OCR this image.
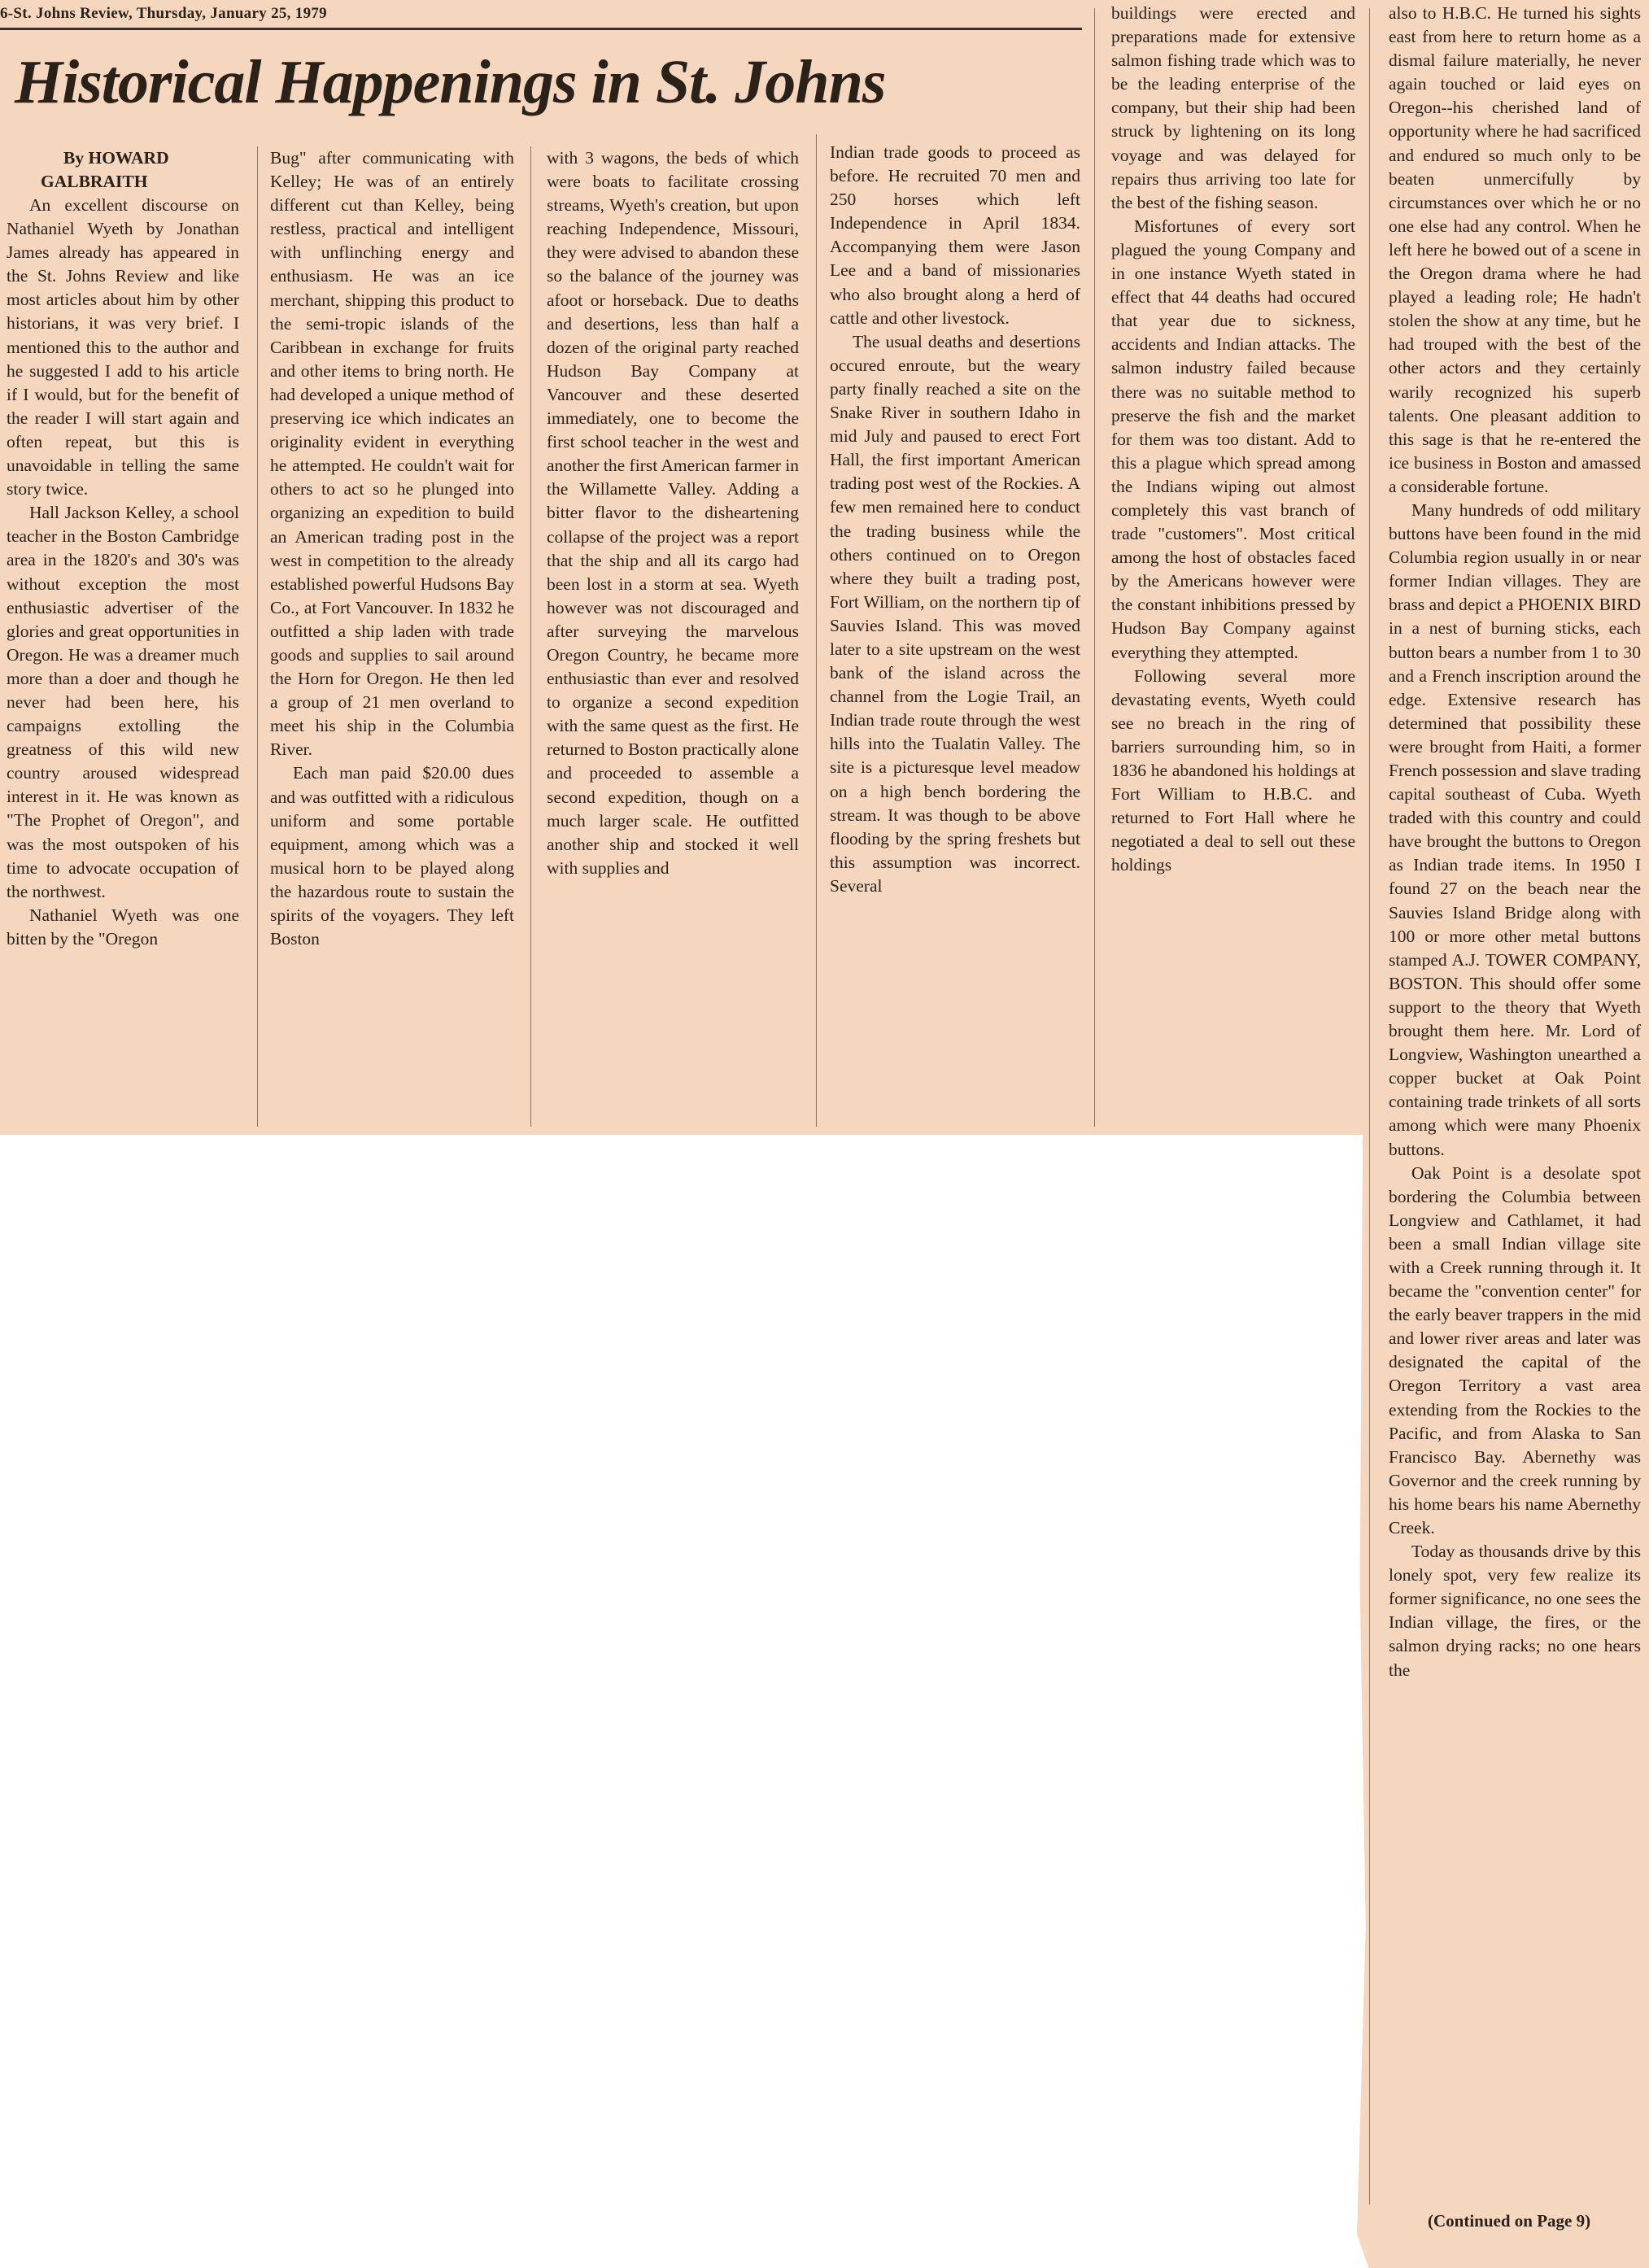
6-St. Johns Review, Thursday, January 25, 1979
Historical Happenings in St. Johns

By HOWARD
GALBRAITH

An excellent discourse on Nathaniel Wyeth by Jonathan James already has appeared in the St. Johns Review and like most articles about him by other historians, it was very brief. I mentioned this to the author and he suggested I add to his article if I would, but for the benefit of the reader I will start again and often repeat, but this is unavoidable in telling the same story twice.

Hall Jackson Kelley, a school teacher in the Boston Cambridge area in the 1820's and 30's was without exception the most enthusiastic advertiser of the glories and great opportunities in Oregon. He was a dreamer much more than a doer and though he never had been here, his campaigns extolling the greatness of this wild new country aroused widespread interest in it. He was known as "The Prophet of Oregon", and was the most outspoken of his time to advocate occupation of the northwest.

Nathaniel Wyeth was one bitten by the "Oregon

Bug" after communicating with Kelley; He was of an entirely different cut than Kelley, being restless, practical and intelligent with unflinching energy and enthusiasm. He was an ice merchant, shipping this product to the semi-tropic islands of the Caribbean in exchange for fruits and other items to bring north. He had developed a unique method of preserving ice which indicates an originality evident in everything he attempted. He couldn't wait for others to act so he plunged into organizing an expedition to build an American trading post in the west in competition to the already established powerful Hudsons Bay Co., at Fort Vancouver. In 1832 he outfitted a ship laden with trade goods and supplies to sail around the Horn for Oregon. He then led a group of 21 men overland to meet his ship in the Columbia River.

Each man paid $20.00 dues and was outfitted with a ridiculous uniform and some portable equipment, among which was a musical horn to be played along the hazardous route to sustain the spirits of the voyagers. They left Boston

with 3 wagons, the beds of which were boats to facilitate crossing streams, Wyeth's creation, but upon reaching Independence, Missouri, they were advised to abandon these so the balance of the journey was afoot or horseback. Due to deaths and desertions, less than half a dozen of the original party reached Hudson Bay Company at Vancouver and these deserted immediately, one to become the first school teacher in the west and another the first American farmer in the Willamette Valley. Adding a bitter flavor to the disheartening collapse of the project was a report that the ship and all its cargo had been lost in a storm at sea. Wyeth however was not discouraged and after surveying the marvelous Oregon Country, he became more enthusiastic than ever and resolved to organize a second expedition with the same quest as the first. He returned to Boston practically alone and proceeded to assemble a second expedition, though on a much larger scale. He outfitted another ship and stocked it well with supplies and

Indian trade goods to proceed as before. He recruited 70 men and 250 horses which left Independence in April 1834. Accompanying them were Jason Lee and a band of missionaries who also brought along a herd of cattle and other livestock.

The usual deaths and desertions occured enroute, but the weary party finally reached a site on the Snake River in southern Idaho in mid July and paused to erect Fort Hall, the first important American trading post west of the Rockies. A few men remained here to conduct the trading business while the others continued on to Oregon where they built a trading post, Fort William, on the northern tip of Sauvies Island. This was moved later to a site upstream on the west bank of the island across the channel from the Logie Trail, an Indian trade route through the west hills into the Tualatin Valley. The site is a picturesque level meadow on a high bench bordering the stream. It was though to be above flooding by the spring freshets but this assumption was incorrect. Several

buildings were erected and preparations made for extensive salmon fishing trade which was to be the leading enterprise of the company, but their ship had been struck by lightening on its long voyage and was delayed for repairs thus arriving too late for the best of the fishing season.

Misfortunes of every sort plagued the young Company and in one instance Wyeth stated in effect that 44 deaths had occured that year due to sickness, accidents and Indian attacks. The salmon industry failed because there was no suitable method to preserve the fish and the market for them was too distant. Add to this a plague which spread among the Indians wiping out almost completely this vast branch of trade "customers". Most critical among the host of obstacles faced by the Americans however were the constant inhibitions pressed by Hudson Bay Company against everything they attempted.

Following several more devastating events, Wyeth could see no breach in the ring of barriers surrounding him, so in 1836 he abandoned his holdings at Fort William to H.B.C. and returned to Fort Hall where he negotiated a deal to sell out these holdings

also to H.B.C. He turned his sights east from here to return home as a dismal failure materially, he never again touched or laid eyes on Oregon--his cherished land of opportunity where he had sacrificed and endured so much only to be beaten unmercifully by circumstances over which he or no one else had any control. When he left here he bowed out of a scene in the Oregon drama where he had played a leading role; He hadn't stolen the show at any time, but he had trouped with the best of the other actors and they certainly warily recognized his superb talents. One pleasant addition to this sage is that he re-entered the ice business in Boston and amassed a considerable fortune.

Many hundreds of odd military buttons have been found in the mid Columbia region usually in or near former Indian villages. They are brass and depict a PHOENIX BIRD in a nest of burning sticks, each button bears a number from 1 to 30 and a French inscription around the edge. Extensive research has determined that possibility these were brought from Haiti, a former French possession and slave trading capital southeast of Cuba. Wyeth traded with this country and could have brought the buttons to Oregon as Indian trade items. In 1950 I found 27 on the beach near the Sauvies Island Bridge along with 100 or more other metal buttons stamped A.J. TOWER COMPANY, BOSTON. This should offer some support to the theory that Wyeth brought them here. Mr. Lord of Longview, Washington unearthed a copper bucket at Oak Point containing trade trinkets of all sorts among which were many Phoenix buttons.

Oak Point is a desolate spot bordering the Columbia between Longview and Cathlamet, it had been a small Indian village site with a Creek running through it. It became the "convention center" for the early beaver trappers in the mid and lower river areas and later was designated the capital of the Oregon Territory a vast area extending from the Rockies to the Pacific, and from Alaska to San Francisco Bay. Abernethy was Governor and the creek running by his home bears his name Abernethy Creek.

Today as thousands drive by this lonely spot, very few realize its former significance, no one sees the Indian village, the fires, or the salmon drying racks; no one hears the

(Continued on Page 9)
